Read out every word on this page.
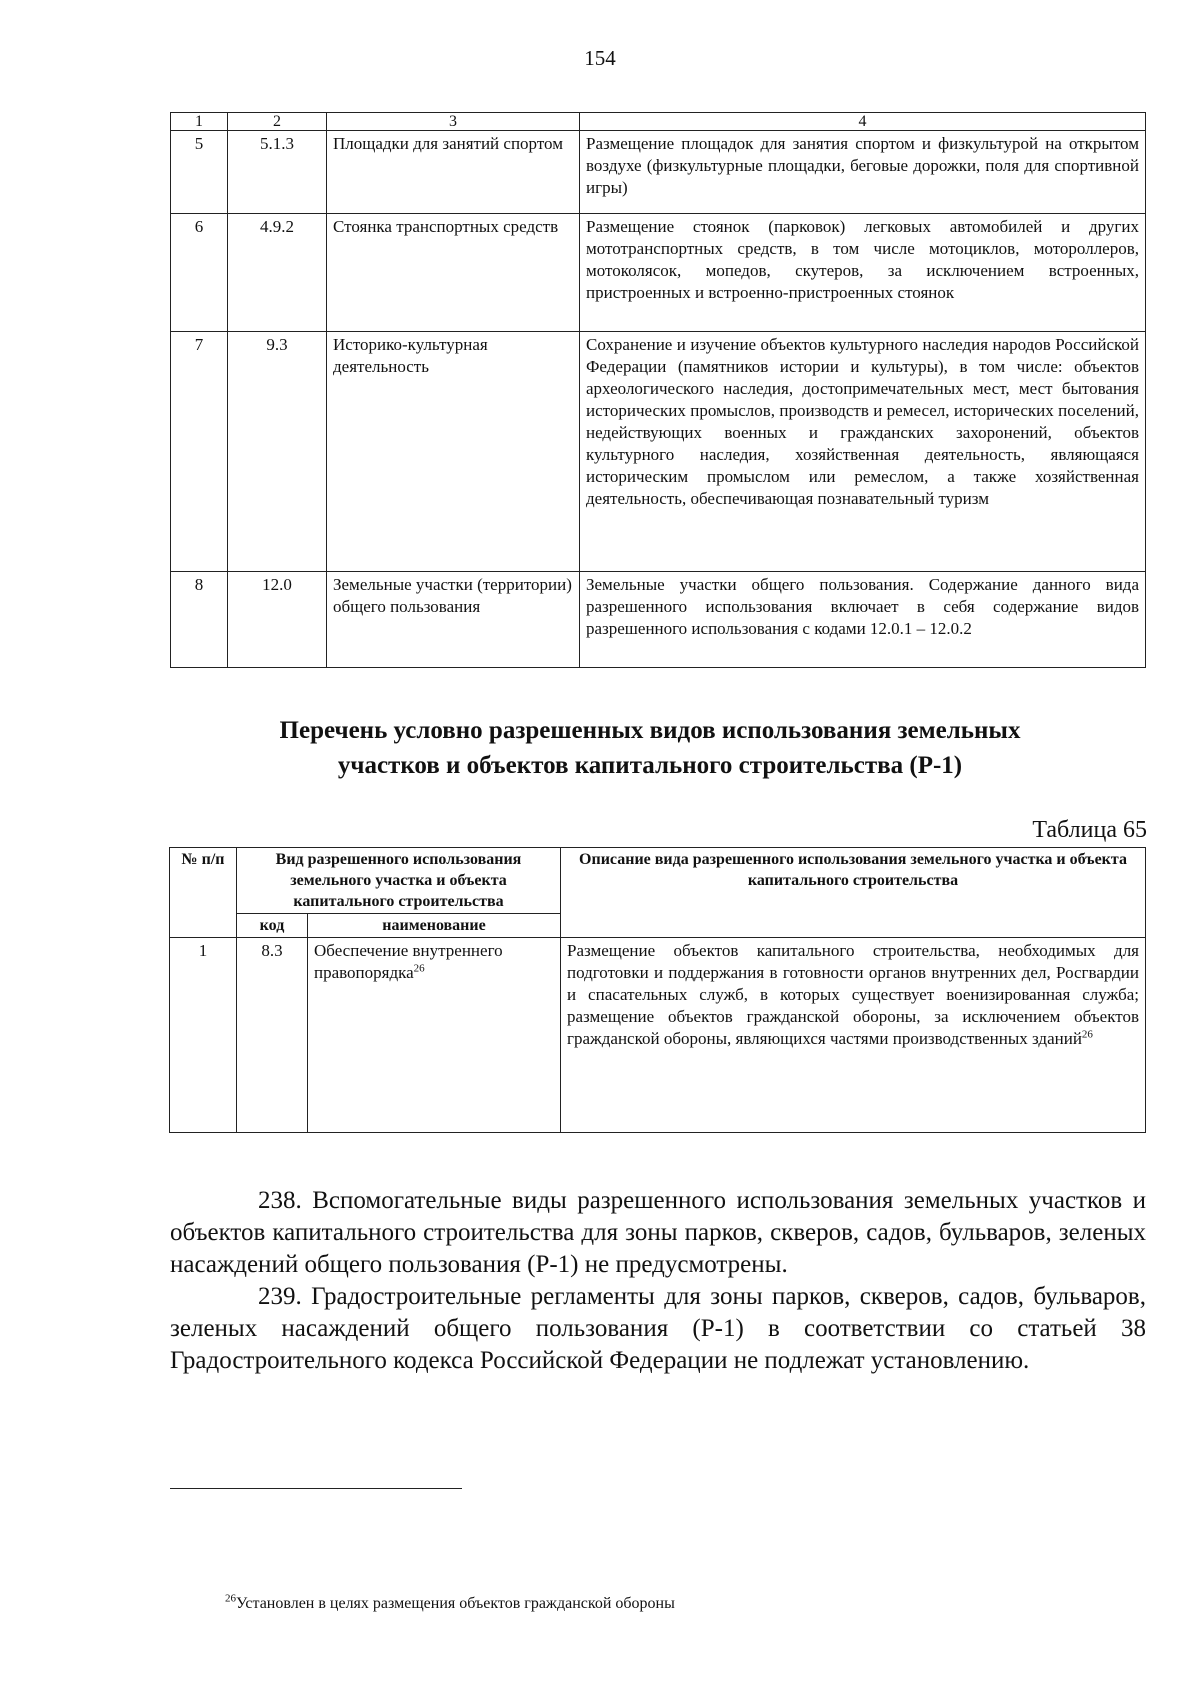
154
1	2	3	4
5	5.1.3	Площадки для занятий спортом	Размещение площадок для занятия спортом и физкультурой на открытом воздухе (физкультурные площадки, беговые дорожки, поля для спортивной игры)
6	4.9.2	Стоянка транспортных средств	Размещение стоянок (парковок) легковых автомобилей и других мототранспортных средств, в том числе мотоциклов, мотороллеров, мотоколясок, мопедов, скутеров, за исключением встроенных, пристроенных и встроенно-пристроенных стоянок
7	9.3	Историко-культурная деятельность	Сохранение и изучение объектов культурного наследия народов Российской Федерации (памятников истории и культуры), в том числе: объектов археологического наследия, достопримечательных мест, мест бытования исторических промыслов, производств и ремесел, исторических поселений, недействующих военных и гражданских захоронений, объектов культурного наследия, хозяйственная деятельность, являющаяся историческим промыслом или ремеслом, а также хозяйственная деятельность, обеспечивающая познавательный туризм
8	12.0	Земельные участки (территории) общего пользования	Земельные участки общего пользования. Содержание данного вида разрешенного использования включает в себя содержание видов разрешенного использования с кодами 12.0.1 – 12.0.2
Перечень условно разрешенных видов использования земельных
участков и объектов капитального строительства (Р-1)
Таблица 65
№ п/п	Вид разрешенного использования земельного участка и объекта капитального строительства		Описание вида разрешенного использования земельного участка и объекта капитального строительства
	код	наименование	
1	8.3	Обеспечение внутреннего правопорядка$^{26}$	Размещение объектов капитального строительства, необходимых для подготовки и поддержания в готовности органов внутренних дел, Росгвардии и спасательных служб, в которых существует военизированная служба; размещение объектов гражданской обороны, за исключением объектов гражданской обороны, являющихся частями производственных зданий$^{26}$

238. Вспомогательные виды разрешенного использования земельных участков и объектов капитального строительства для зоны парков, скверов, садов, бульваров, зеленых насаждений общего пользования (Р-1) не предусмотрены.

239. Градостроительные регламенты для зоны парков, скверов, садов, бульваров, зеленых насаждений общего пользования (Р-1) в соответствии со статьей 38 Градостроительного кодекса Российской Федерации не подлежат установлению.

$^{26}$Установлен в целях размещения объектов гражданской обороны
